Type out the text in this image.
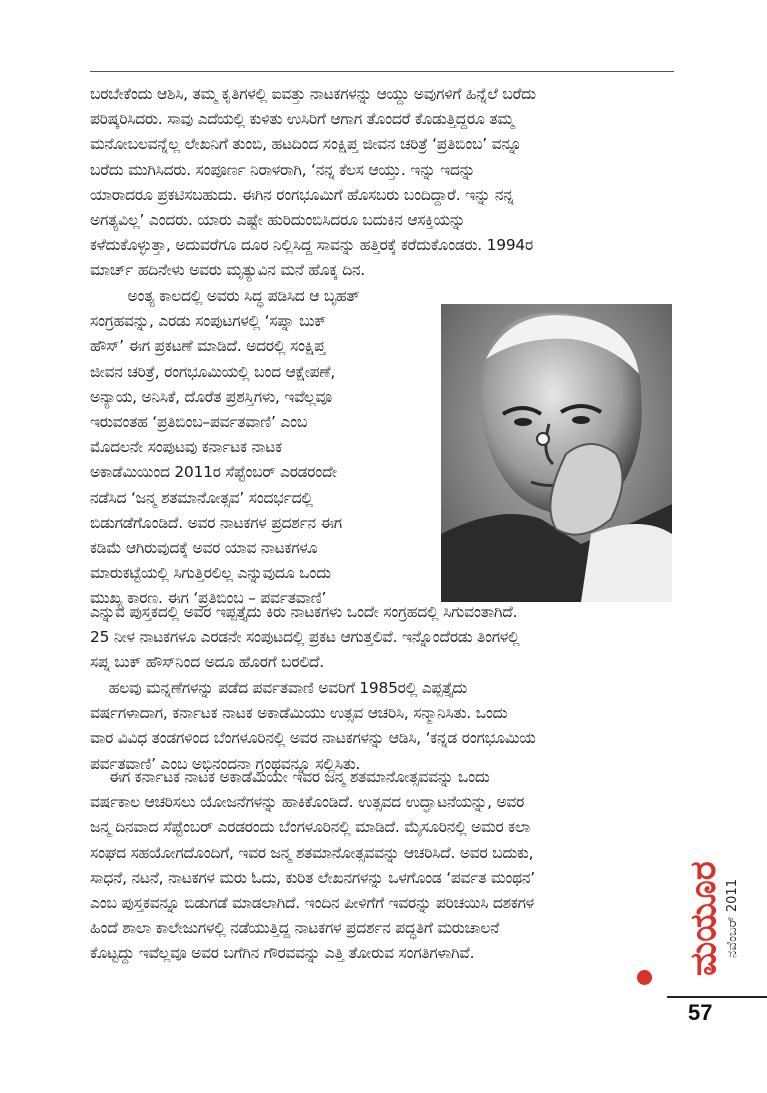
ಬರಬೇಕೆಂದು ಆಶಿಸಿ, ತಮ್ಮ ಕೃತಿಗಳಲ್ಲಿ ಐವತ್ತು ನಾಟಕಗಳನ್ನು ಆಯ್ದು ಅವುಗಳಿಗೆ ಹಿನ್ನೆಲೆ ಬರೆದು
ಪರಿಷ್ಕರಿಸಿದರು. ಸಾವು ಎದೆಯಲ್ಲಿ ಕುಳಿತು ಉಸಿರಿಗೆ ಆಗಾಗ ತೊಂದರೆ ಕೊಡುತ್ತಿದ್ದರೂ ತಮ್ಮ
ಮನೋಬಲವನ್ನೆಲ್ಲ ಲೇಖನಿಗೆ ತುಂಬಿ, ಹಟದಿಂದ ಸಂಕ್ಷಿಪ್ತ ಜೀವನ ಚರಿತ್ರೆ ‘ಪ್ರತಿಬಿಂಬ’ ವನ್ನೂ
ಬರೆದು ಮುಗಿಸಿದರು. ಸಂಪೂರ್ಣ ನಿರಾಳರಾಗಿ, ‘ನನ್ನ ಕೆಲಸ ಆಯ್ತು. ಇನ್ನು ಇದನ್ನು
ಯಾರಾದರೂ ಪ್ರಕಟಿಸಬಹುದು. ಈಗಿನ ರಂಗಭೂಮಿಗೆ ಹೊಸಬರು ಬಂದಿದ್ದಾರೆ. ಇನ್ನು ನನ್ನ
ಅಗತ್ಯವಿಲ್ಲ’ ಎಂದರು. ಯಾರು ಎಷ್ಟೇ ಹುರಿದುಂಬಿಸಿದರೂ ಬದುಕಿನ ಆಸಕ್ತಿಯನ್ನು
ಕಳೆದುಕೊಳ್ಳುತ್ತಾ, ಅದುವರೆಗೂ ದೂರ ನಿಲ್ಲಿಸಿದ್ದ ಸಾವನ್ನು ಹತ್ತಿರಕ್ಕೆ ಕರೆದುಕೊಂಡರು. 1994ರ
ಮಾರ್ಚ್ ಹದಿನೇಳು ಅವರು ಮೃತ್ಯುವಿನ ಮನೆ ಹೊಕ್ಕ ದಿನ.
ಅಂತ್ಯ ಕಾಲದಲ್ಲಿ ಅವರು ಸಿದ್ಧ ಪಡಿಸಿದ ಆ ಬೃಹತ್
ಸಂಗ್ರಹವನ್ನು, ಎರಡು ಸಂಪುಟಗಳಲ್ಲಿ ‘ಸಪ್ನಾ ಬುಕ್
ಹೌಸ್’ ಈಗ ಪ್ರಕಟಣೆ ಮಾಡಿದೆ. ಅದರಲ್ಲಿ ಸಂಕ್ಷಿಪ್ತ
ಜೀವನ ಚರಿತ್ರೆ, ರಂಗಭೂಮಿಯಲ್ಲಿ ಬಂದ ಆಕ್ಷೇಪಣೆ,
ಅನ್ಯಾಯ, ಅನಿಸಿಕೆ, ದೊರೆತ ಪ್ರಶಸ್ತಿಗಳು, ಇವೆಲ್ಲವೂ
ಇರುವಂತಹ ‘ಪ್ರತಿಬಿಂಬ–ಪರ್ವತವಾಣಿ’ ಎಂಬ
ಮೊದಲನೇ ಸಂಪುಟವು ಕರ್ನಾಟಕ ನಾಟಕ
ಅಕಾಡೆಮಿಯಿಂದ 2011ರ ಸೆಪ್ಟೆಂಬರ್ ಎರಡರಂದೇ
ನಡೆಸಿದ ‘ಜನ್ಮ ಶತಮಾನೋತ್ಸವ’ ಸಂದರ್ಭದಲ್ಲಿ
ಬಿಡುಗಡೆಗೊಂಡಿದೆ. ಅವರ ನಾಟಕಗಳ ಪ್ರದರ್ಶನ ಈಗ
ಕಡಿಮೆ ಆಗಿರುವುದಕ್ಕೆ ಅವರ ಯಾವ ನಾಟಕಗಳೂ
ಮಾರುಕಟ್ಟೆಯಲ್ಲಿ ಸಿಗುತ್ತಿರಲಿಲ್ಲ ಎನ್ನುವುದೂ ಒಂದು
ಮುಖ್ಯ ಕಾರಣ. ಈಗ ‘ಪ್ರತಿಬಿಂಬ – ಪರ್ವತವಾಣಿ’
ಎನ್ನುವ ಪುಸ್ತಕದಲ್ಲಿ ಅವರ ಇಪ್ಪತ್ತೈದು ಕಿರು ನಾಟಕಗಳು ಒಂದೇ ಸಂಗ್ರಹದಲ್ಲಿ ಸಿಗುವಂತಾಗಿದೆ.
25 ನೀಳ ನಾಟಕಗಳೂ ಎರಡನೇ ಸಂಪುಟದಲ್ಲಿ ಪ್ರಕಟ ಆಗುತ್ತಲಿವೆ. ಇನ್ನೊಂದೆರಡು ತಿಂಗಳಲ್ಲಿ
ಸಪ್ನ ಬುಕ್ ಹೌಸ್‌ನಿಂದ ಅದೂ ಹೊರಗೆ ಬರಲಿದೆ.
ಹಲವು ಮನ್ನಣೆಗಳನ್ನು ಪಡೆದ ಪರ್ವತವಾಣಿ ಅವರಿಗೆ 1985ರಲ್ಲಿ ಎಪ್ಪತ್ತೈದು
ವರ್ಷಗಳಾದಾಗ, ಕರ್ನಾಟಕ ನಾಟಕ ಅಕಾಡೆಮಿಯು ಉತ್ಸವ ಆಚರಿಸಿ, ಸನ್ಮಾನಿಸಿತು. ಒಂದು
ವಾರ ವಿವಿಧ ತಂಡಗಳಿಂದ ಬೆಂಗಳೂರಿನಲ್ಲಿ ಅವರ ನಾಟಕಗಳನ್ನು ಆಡಿಸಿ, ‘ಕನ್ನಡ ರಂಗಭೂಮಿಯ
ಪರ್ವತವಾಣಿ’ ಎಂಬ ಅಭಿನಂದನಾ ಗ್ರಂಥವನ್ನೂ ಸಲ್ಲಿಸಿತು.
ಈಗ ಕರ್ನಾಟಕ ನಾಟಕ ಅಕಾಡೆಮಿಯೇ ಇವರ ಜನ್ಮ ಶತಮಾನೋತ್ಸವವನ್ನು ಒಂದು
ವರ್ಷಕಾಲ ಆಚರಿಸಲು ಯೋಜನೆಗಳನ್ನು ಹಾಕಿಕೊಂಡಿದೆ. ಉತ್ಸವದ ಉದ್ಘಾಟನೆಯನ್ನು, ಅವರ
ಜನ್ಮ ದಿನವಾದ ಸೆಪ್ಟೆಂಬರ್ ಎರಡರಂದು ಬೆಂಗಳೂರಿನಲ್ಲಿ ಮಾಡಿದೆ. ಮೈಸೂರಿನಲ್ಲಿ ಅಮರ ಕಲಾ
ಸಂಘದ ಸಹಯೋಗದೊಂದಿಗೆ, ಇವರ ಜನ್ಮ ಶತಮಾನೋತ್ಸವವನ್ನು ಆಚರಿಸಿದೆ. ಅವರ ಬದುಕು,
ಸಾಧನೆ, ನಟನೆ, ನಾಟಕಗಳ ಮರು ಓದು, ಕುರಿತ ಲೇಖನಗಳನ್ನು ಒಳಗೊಂಡ ‘ಪರ್ವತ ಮಂಥನ’
ಎಂಬ ಪುಸ್ತಕವನ್ನೂ ಬಿಡುಗಡೆ ಮಾಡಲಾಗಿದೆ. ಇಂದಿನ ಪೀಳಿಗೆಗೆ ಇವರನ್ನು ಪರಿಚಯಿಸಿ ದಶಕಗಳ
ಹಿಂದೆ ಶಾಲಾ ಕಾಲೇಜುಗಳಲ್ಲಿ ನಡೆಯುತ್ತಿದ್ದ ನಾಟಕಗಳ ಪ್ರದರ್ಶನ ಪದ್ಧತಿಗೆ ಮರುಚಾಲನೆ
ಕೊಟ್ಟದ್ದು ಇವೆಲ್ಲವೂ ಅವರ ಬಗೆಗಿನ ಗೌರವವನ್ನು ಎತ್ತಿ ತೋರುವ ಸಂಗತಿಗಳಾಗಿವೆ.	ಮಯೂರ ನವೆಂಬರ್ 2011
57
